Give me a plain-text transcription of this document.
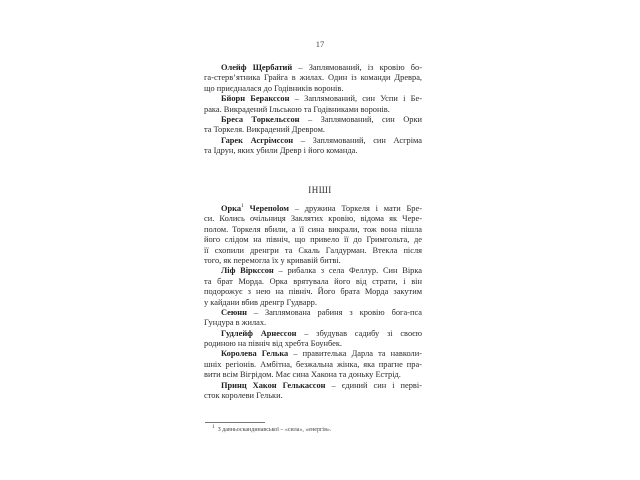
17
Олейф Щербатий – Заплямований, із кровію бо-
га-стерв’ятника Грайга в жилах. Один із команди Древра,
що приєдналася до Годівників воронів.
Бйорн Бераксcон – Заплямований, син Успи і Бе-
рака. Викрадений Ільською та Годівниками воронів.
Бреса Торкельссон – Заплямований, син Орки
та Торкеля. Викрадений Древром.
Гарек Асгрімссон – Заплямований, син Асгріма
та Ідрун, яких убили Древр і його команда.
ІНШІ
Орка$^1$ Черепolом – дружина Торкеля і мати Бре-
си. Колись очільниця Заклятих кровію, відома як Чере-
полом. Торкеля вбили, а її сина викрали, тож вона пішла
його слідом на північ, що привело її до Гримгольта, де
її схопили дренгри та Скаль Галдурман. Втекла після
того, як перемогла їх у кривавій битві.
Ліф Вірксcон – рибалка з села Феллур. Син Вірка
та брат Морда. Орка врятувала його від страти, і він
подорожує з нею на північ. Його брата Морда закутим
у кайдани вбив дренгр Гудварр.
Сеюнн – Заплямована рабиня з кровію бога-пса
Гундура в жилах.
Гудлейф Арнессон – збудував садибу зі своєю
родиною на північ від хребта Боунбек.
Королева Гелька – правителька Дарла та навколи-
шніх регіонів. Амбітна, безжальна жінка, яка прагне пра-
вити всім Вігрідом. Має сина Хакона та доньку Естрід.
Принц Хакон Гелькассон – єдиний син і перві-
сток королеви Гельки.
$^1$ З давньоскандинавської – «сила», «енергія».
